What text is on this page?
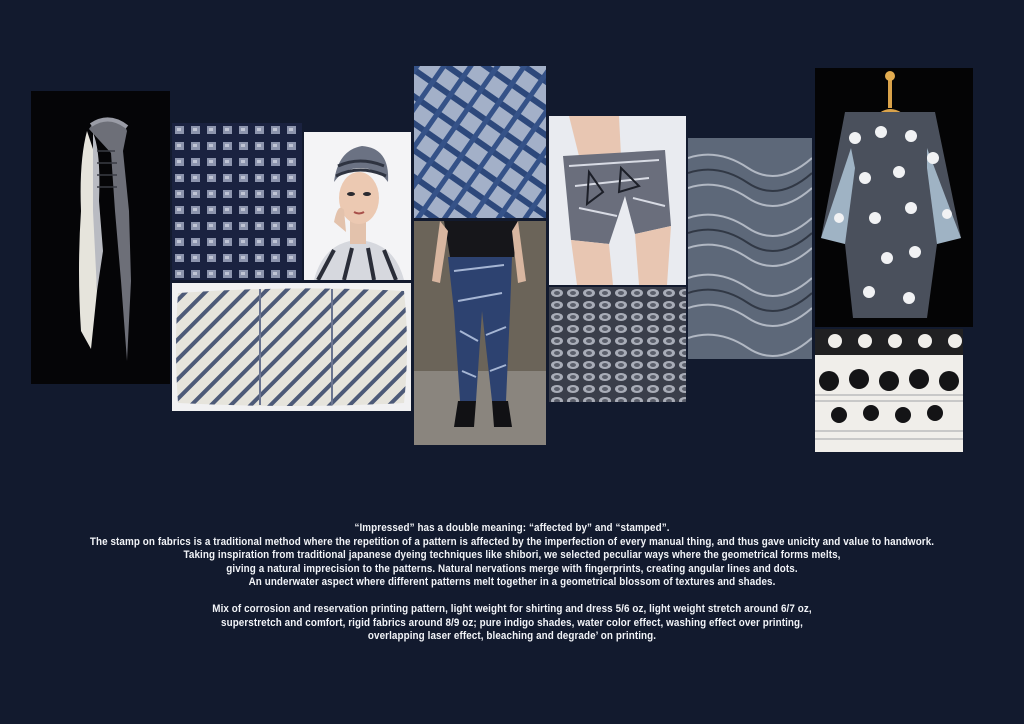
“Impressed” has a double meaning: “affected by” and “stamped”.

The stamp on fabrics is a traditional method where the repetition of a pattern is affected by the imperfection of every manual thing, and thus gave unicity and value to handwork.

Taking inspiration from traditional japanese dyeing techniques like shibori, we selected peculiar ways where the geometrical forms melts,

giving a natural imprecision to the patterns. Natural nervations merge with fingerprints, creating angular lines and dots.

An underwater aspect where different patterns melt together in a geometrical blossom of textures and shades.

Mix of corrosion and reservation printing pattern, light weight for shirting and dress 5/6 oz, light weight stretch around 6/7 oz,

superstretch and comfort, rigid fabrics around 8/9 oz; pure indigo shades, water color effect, washing effect over printing,

overlapping laser effect, bleaching and degrade’ on printing.
